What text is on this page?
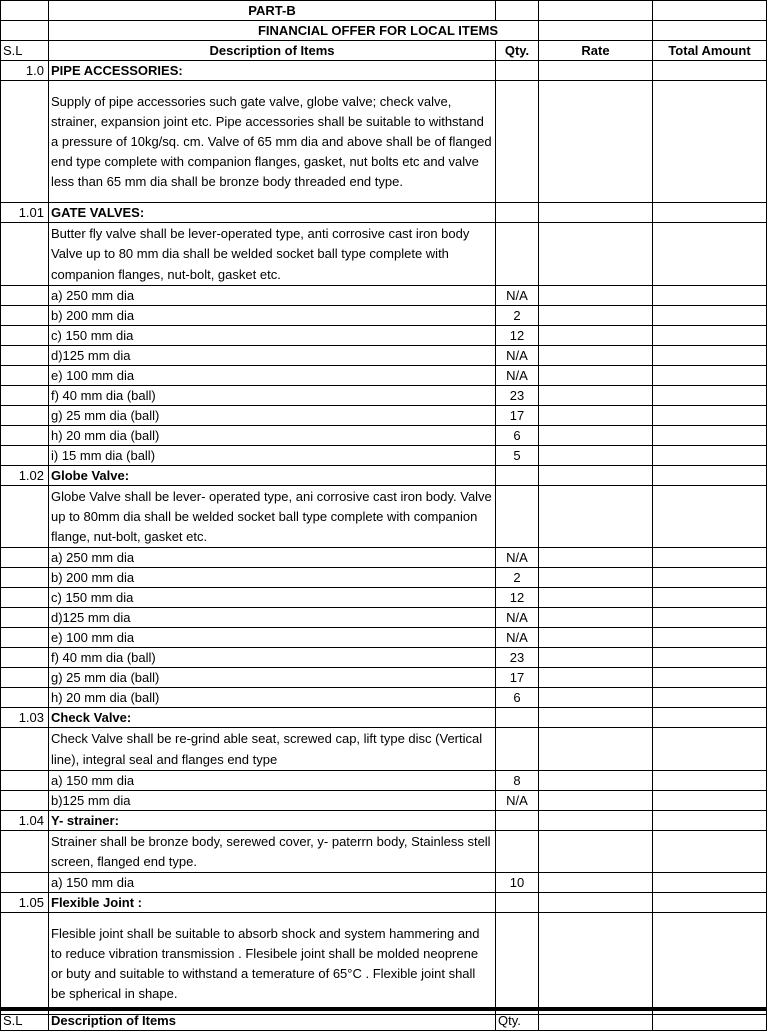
	PART-B			
	FINANCIAL OFFER FOR LOCAL ITEMS			
S.L	Description of Items	Qty.	Rate	Total Amount
1.0	PIPE ACCESSORIES:			
	Supply of pipe accessories such gate valve, globe valve; check valve, strainer, expansion joint etc. Pipe accessories shall be suitable to withstand a pressure of 10kg/sq. cm. Valve of 65 mm dia and above shall be of flanged end type complete with companion flanges, gasket, nut bolts etc and valve less than 65 mm dia shall be bronze body threaded end type.			
1.01	GATE VALVES:			
	Butter fly valve shall be lever-operated type, anti corrosive cast iron body Valve up to 80 mm dia shall be welded socket ball type complete with companion flanges, nut-bolt, gasket etc.			
	a) 250 mm dia	N/A		
	b) 200 mm dia	2		
	c) 150 mm dia	12		
	d)125 mm dia	N/A		
	e) 100 mm dia	N/A		
	f) 40 mm dia (ball)	23		
	g) 25 mm dia (ball)	17		
	h) 20 mm dia (ball)	6		
	i) 15 mm dia (ball)	5		
1.02	Globe Valve:			
	Globe Valve shall be lever- operated type, ani corrosive cast iron body. Valve up to 80mm dia shall be welded socket ball type complete with companion flange, nut-bolt, gasket etc.			
	a) 250 mm dia	N/A		
	b) 200 mm dia	2		
	c) 150 mm dia	12		
	d)125 mm dia	N/A		
	e) 100 mm dia	N/A		
	f) 40 mm dia (ball)	23		
	g) 25 mm dia (ball)	17		
	h) 20 mm dia (ball)	6		
1.03	Check Valve:			
	Check Valve shall be re-grind able seat, screwed cap, lift type disc (Vertical line), integral seal and flanges end type			
	a) 150 mm dia	8		
	b)125 mm dia	N/A		
1.04	Y- strainer:			
	Strainer shall be bronze body, serewed cover, y- paterrn body, Stainless stell screen, flanged end type.			
	a) 150 mm dia	10		
1.05	Flexible Joint :			
	Flesible joint shall be suitable to absorb shock and system hammering and to reduce vibration transmission . Flesibele joint shall be molded neoprene or buty and suitable to withstand a temerature of 65°C . Flexible joint shall be spherical in shape.			
S.L	Description of Items	Qty.		
